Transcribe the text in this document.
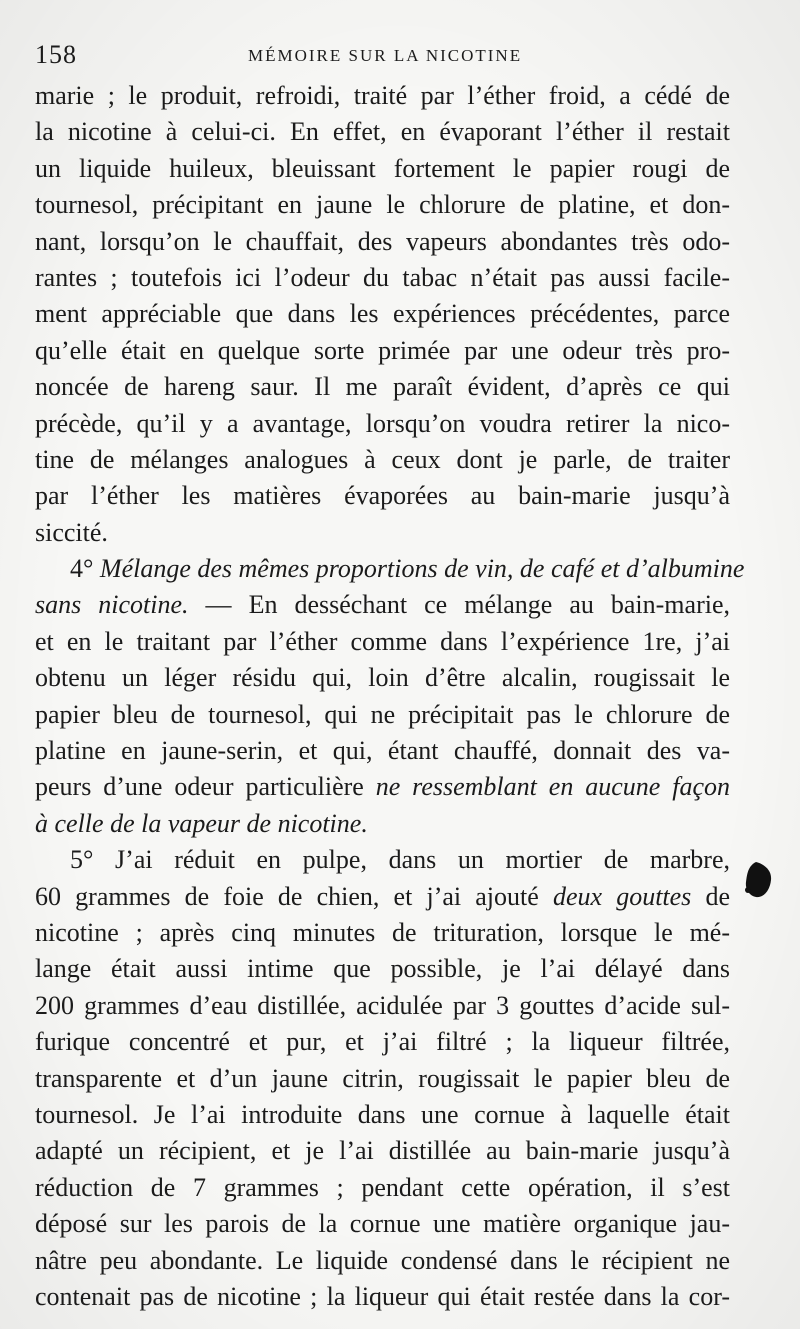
158	MÉMOIRE SUR LA NICOTINE
marie ; le produit, refroidi, traité par l’éther froid, a cédé de
la nicotine à celui-ci. En effet, en évaporant l’éther il restait
un liquide huileux, bleuissant fortement le papier rougi de
tournesol, précipitant en jaune le chlorure de platine, et don-
nant, lorsqu’on le chauffait, des vapeurs abondantes très odo-
rantes ; toutefois ici l’odeur du tabac n’était pas aussi facile-
ment appréciable que dans les expériences précédentes, parce
qu’elle était en quelque sorte primée par une odeur très pro-
noncée de hareng saur. Il me paraît évident, d’après ce qui
précède, qu’il y a avantage, lorsqu’on voudra retirer la nico-
tine de mélanges analogues à ceux dont je parle, de traiter
par l’éther les matières évaporées au bain-marie jusqu’à
siccité.
4° Mélange des mêmes proportions de vin, de café et d’albumine
sans nicotine. — En desséchant ce mélange au bain-marie,
et en le traitant par l’éther comme dans l’expérience 1re, j’ai
obtenu un léger résidu qui, loin d’être alcalin, rougissait le
papier bleu de tournesol, qui ne précipitait pas le chlorure de
platine en jaune-serin, et qui, étant chauffé, donnait des va-
peurs d’une odeur particulière ne ressemblant en aucune façon
à celle de la vapeur de nicotine.
5° J’ai réduit en pulpe, dans un mortier de marbre,
60 grammes de foie de chien, et j’ai ajouté deux gouttes de
nicotine ; après cinq minutes de trituration, lorsque le mé-
lange était aussi intime que possible, je l’ai délayé dans
200 grammes d’eau distillée, acidulée par 3 gouttes d’acide sul-
furique concentré et pur, et j’ai filtré ; la liqueur filtrée,
transparente et d’un jaune citrin, rougissait le papier bleu de
tournesol. Je l’ai introduite dans une cornue à laquelle était
adapté un récipient, et je l’ai distillée au bain-marie jusqu’à
réduction de 7 grammes ; pendant cette opération, il s’est
déposé sur les parois de la cornue une matière organique jau-
nâtre peu abondante. Le liquide condensé dans le récipient ne
contenait pas de nicotine ; la liqueur qui était restée dans la cor-
